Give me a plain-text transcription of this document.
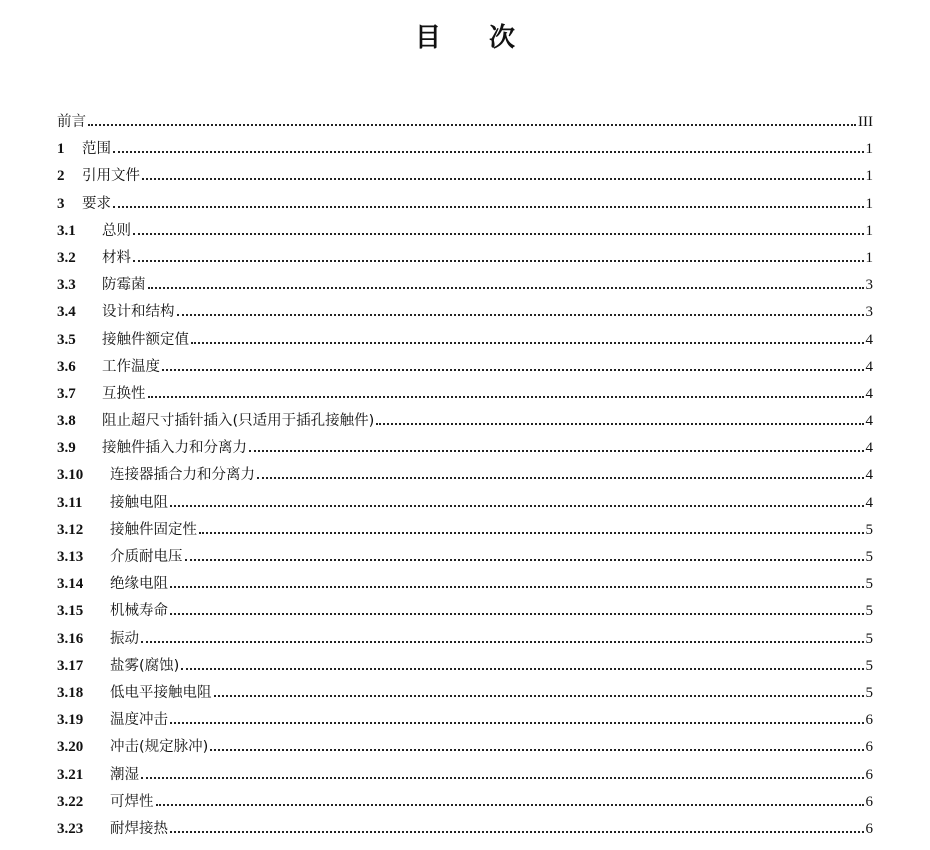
目次
前言	III
1	范围	1
2	引用文件	1
3	要求	1
3.1	总则	1
3.2	材料	1
3.3	防霉菌	3
3.4	设计和结构	3
3.5	接触件额定值	4
3.6	工作温度	4
3.7	互换性	4
3.8	阻止超尺寸插针插入(只适用于插孔接触件)	4
3.9	接触件插入力和分离力	4
3.10	连接器插合力和分离力	4
3.11	接触电阻	4
3.12	接触件固定性	5
3.13	介质耐电压	5
3.14	绝缘电阻	5
3.15	机械寿命	5
3.16	振动	5
3.17	盐雾(腐蚀)	5
3.18	低电平接触电阻	5
3.19	温度冲击	6
3.20	冲击(规定脉冲)	6
3.21	潮湿	6
3.22	可焊性	6
3.23	耐焊接热	6
